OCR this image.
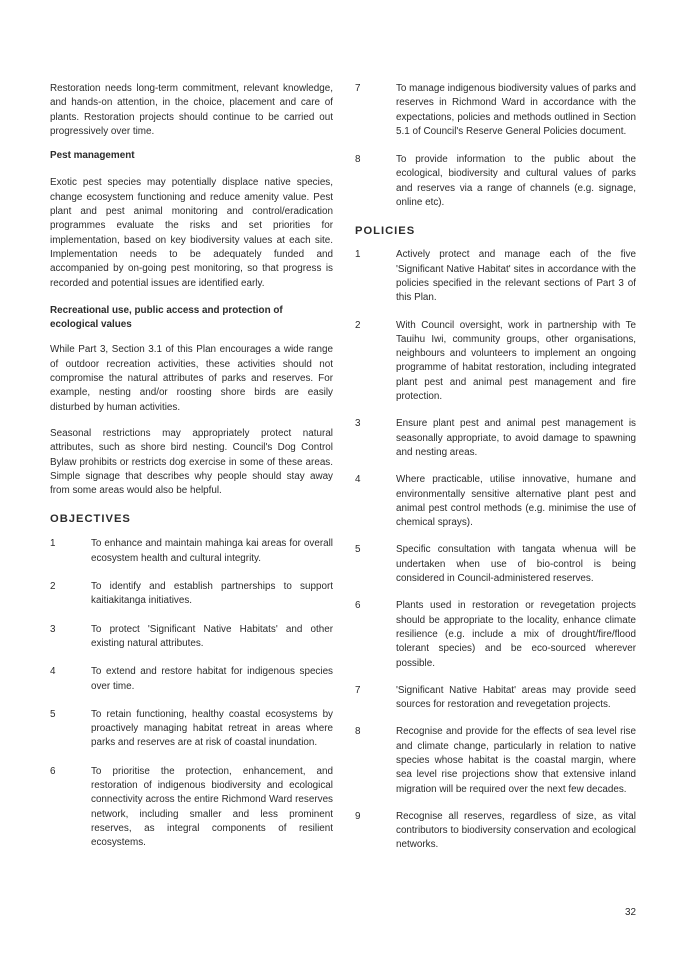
Restoration needs long-term commitment, relevant knowledge, and hands-on attention, in the choice, placement and care of plants. Restoration projects should continue to be carried out progressively over time.

Pest management

Exotic pest species may potentially displace native species, change ecosystem functioning and reduce amenity value. Pest plant and pest animal monitoring and control/eradication programmes evaluate the risks and set priorities for implementation, based on key biodiversity values at each site. Implementation needs to be adequately funded and accompanied by on-going pest monitoring, so that progress is recorded and potential issues are identified early.

Recreational use, public access and protection of ecological values

While Part 3, Section 3.1 of this Plan encourages a wide range of outdoor recreation activities, these activities should not compromise the natural attributes of parks and reserves. For example, nesting and/or roosting shore birds are easily disturbed by human activities.

Seasonal restrictions may appropriately protect natural attributes, such as shore bird nesting. Council's Dog Control Bylaw prohibits or restricts dog exercise in some of these areas. Simple signage that describes why people should stay away from some areas would also be helpful.

OBJECTIVES
1	To enhance and maintain mahinga kai areas for overall ecosystem health and cultural integrity.

2	To identify and establish partnerships to support kaitiakitanga initiatives.

3	To protect 'Significant Native Habitats' and other existing natural attributes.

4	To extend and restore habitat for indigenous species over time.

5	To retain functioning, healthy coastal ecosystems by proactively managing habitat retreat in areas where parks and reserves are at risk of coastal inundation.

6	To prioritise the protection, enhancement, and restoration of indigenous biodiversity and ecological connectivity across the entire Richmond Ward reserves network, including smaller and less prominent reserves, as integral components of resilient ecosystems.

7	To manage indigenous biodiversity values of parks and reserves in Richmond Ward in accordance with the expectations, policies and methods outlined in Section 5.1 of Council's Reserve General Policies document.

8	To provide information to the public about the ecological, biodiversity and cultural values of parks and reserves via a range of channels (e.g. signage, online etc).

POLICIES
1	Actively protect and manage each of the five 'Significant Native Habitat' sites in accordance with the policies specified in the relevant sections of Part 3 of this Plan.

2	With Council oversight, work in partnership with Te Tauihu Iwi, community groups, other organisations, neighbours and volunteers to implement an ongoing programme of habitat restoration, including integrated plant pest and animal pest management and fire protection.

3	Ensure plant pest and animal pest management is seasonally appropriate, to avoid damage to spawning and nesting areas.

4	Where practicable, utilise innovative, humane and environmentally sensitive alternative plant pest and animal pest control methods (e.g. minimise the use of chemical sprays).

5	Specific consultation with tangata whenua will be undertaken when use of bio-control is being considered in Council-administered reserves.

6	Plants used in restoration or revegetation projects should be appropriate to the locality, enhance climate resilience (e.g. include a mix of drought/fire/flood tolerant species) and be eco-sourced wherever possible.

7	'Significant Native Habitat' areas may provide seed sources for restoration and revegetation projects.

8	Recognise and provide for the effects of sea level rise and climate change, particularly in relation to native species whose habitat is the coastal margin, where sea level rise projections show that extensive inland migration will be required over the next few decades.

9	Recognise all reserves, regardless of size, as vital contributors to biodiversity conservation and ecological networks.

32
